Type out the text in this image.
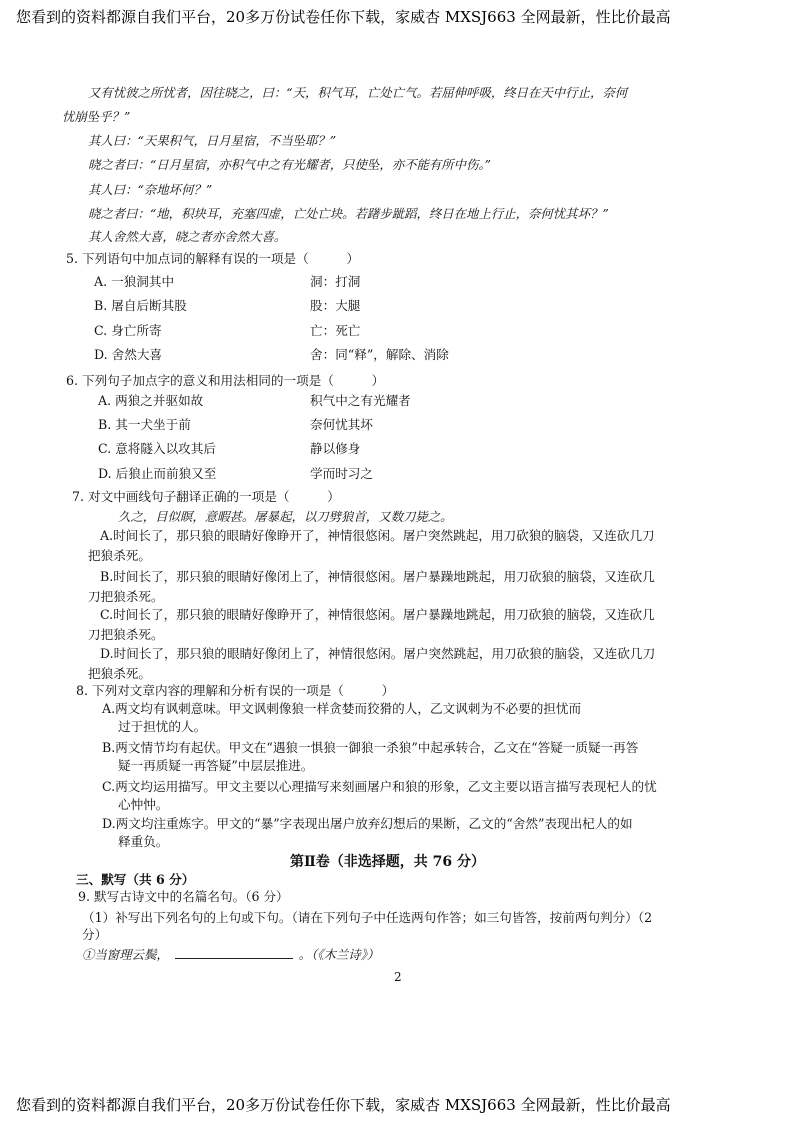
您看到的资料都源自我们平台，20多万份试卷任你下载，家威杏 MXSJ663 全网最新，性比价最高
又有忧彼之所忧者，因往晓之，曰：“天，积气耳，亡处亡气。若屈伸呼吸，终日在天中行止，奈何
忧崩坠乎？”
其人曰：“天果积气，日月星宿，不当坠耶？”
晓之者曰：“日月星宿，亦积气中之有光耀者，只使坠，亦不能有所中伤。”
其人曰：“奈地坏何？”
晓之者曰：“地，积块耳，充塞四虚，亡处亡块。若躇步跐蹈，终日在地上行止，奈何忧其坏？”
其人舍然大喜，晓之者亦舍然大喜。
5. 下列语句中加点词的解释有误的一项是（　　　）
A. 一狼洞其中	洞：打洞
B. 屠自后断其股	股：大腿
C. 身亡所寄	亡：死亡
D. 舍然大喜	舍：同“释”，解除、消除
6. 下列句子加点字的意义和用法相同的一项是（　　　）
A. 两狼之并驱如故	积气中之有光耀者
B. 其一犬坐于前	奈何忧其坏
C. 意将隧入以攻其后	静以修身
D. 后狼止而前狼又至	学而时习之
7. 对文中画线句子翻译正确的一项是（　　　）
久之，目似瞑，意暇甚。屠暴起，以刀劈狼首，又数刀毙之。
A.时间长了，那只狼的眼睛好像睁开了，神情很悠闲。屠户突然跳起，用刀砍狼的脑袋，又连砍几刀
把狼杀死。
B.时间长了，那只狼的眼睛好像闭上了，神情很悠闲。屠户暴躁地跳起，用刀砍狼的脑袋，又连砍几
刀把狼杀死。
C.时间长了，那只狼的眼睛好像睁开了，神情很悠闲。屠户暴躁地跳起，用刀砍狼的脑袋，又连砍几
刀把狼杀死。
D.时间长了，那只狼的眼睛好像闭上了，神情很悠闲。屠户突然跳起，用刀砍狼的脑袋，又连砍几刀
把狼杀死。
8. 下列对文章内容的理解和分析有误的一项是（　　　）
A.两文均有讽刺意味。甲文讽刺像狼一样贪婪而狡猾的人，乙文讽刺为不必要的担忧而
过于担忧的人。
B.两文情节均有起伏。甲文在“遇狼一惧狼一御狼一杀狼”中起承转合，乙文在“答疑一质疑一再答
疑一再质疑一再答疑”中层层推进。
C.两文均运用描写。甲文主要以心理描写来刻画屠户和狼的形象，乙文主要以语言描写表现杞人的忧
心忡忡。
D.两文均注重炼字。甲文的“暴”字表现出屠户放弃幻想后的果断，乙文的“舍然”表现出杞人的如
释重负。
第Ⅱ卷（非选择题，共 76 分）
三、默写（共 6 分）
9. 默写古诗文中的名篇名句。（6 分）
（1）补写出下列名句的上句或下句。（请在下列句子中任选两句作答；如三句皆答，按前两句判分）（2
分）
①当窗理云鬓，	。（《木兰诗》）
2
您看到的资料都源自我们平台，20多万份试卷任你下载，家威杏 MXSJ663 全网最新，性比价最高
